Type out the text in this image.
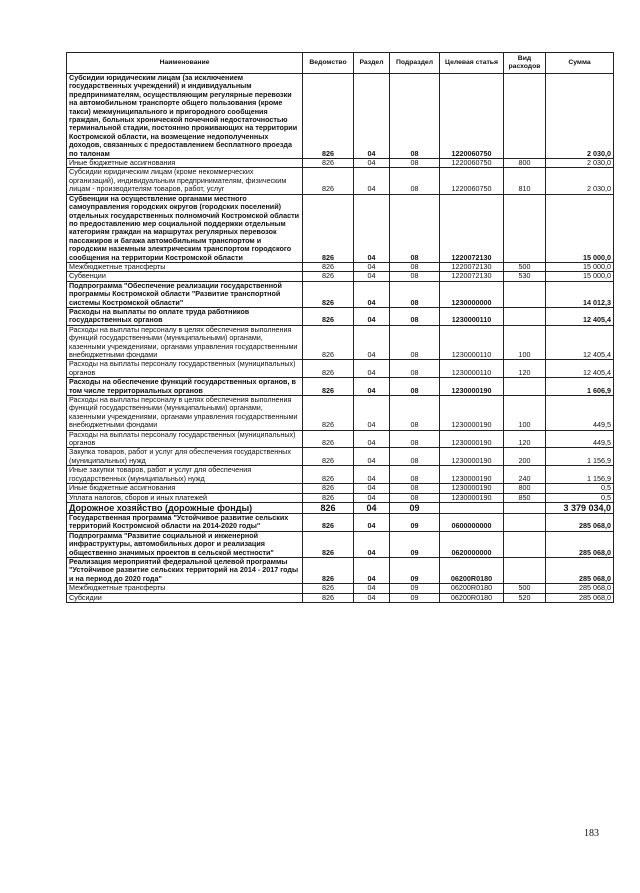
Наименование	Ведомство	Раздел	Подраздел	Целевая статья	Вид расходов	Сумма
Субсидии юридическим лицам (за исключением государственных учреждений) и индивидуальным предпринимателям, осуществляющим регулярные перевозки на автомобильном транспорте общего пользования (кроме такси) межмуниципального и пригородного сообщения граждан, больных хронической почечной недостаточностью терминальной стадии, постоянно проживающих на территории Костромской области, на возмещение недополученных доходов, связанных с предоставлением бесплатного проезда по талонам	826	04	08	1220060750		2 030,0
Иные бюджетные ассигнования	826	04	08	1220060750	800	2 030,0
Субсидии юридическим лицам (кроме некоммерческих организаций), индивидуальным предпринимателям, физическим лицам - производителям товаров, работ, услуг	826	04	08	1220060750	810	2 030,0
Субвенции на осуществление органами местного самоуправления городских округов (городских поселений) отдельных государственных полномочий Костромской области по предоставлению мер социальной поддержки отдельным категориям граждан на маршрутах регулярных перевозок пассажиров и багажа автомобильным транспортом и городским наземным электрическим транспортом городского сообщения на территории Костромской области	826	04	08	1220072130		15 000,0
Межбюджетные трансферты	826	04	08	1220072130	500	15 000,0
Субвенции	826	04	08	1220072130	530	15 000,0
Подпрограмма "Обеспечение реализации государственной программы Костромской области "Развитие транспортной системы Костромской области"	826	04	08	1230000000		14 012,3
Расходы на выплаты по оплате труда работников государственных органов	826	04	08	1230000110		12 405,4
Расходы на выплаты персоналу в целях обеспечения выполнения функций государственными (муниципальными) органами, казенными учреждениями, органами управления государственными внебюджетными фондами	826	04	08	1230000110	100	12 405,4
Расходы на выплаты персоналу государственных (муниципальных) органов	826	04	08	1230000110	120	12 405,4
Расходы на обеспечение функций государственных органов, в том числе территориальных органов	826	04	08	1230000190		1 606,9
Расходы на выплаты персоналу в целях обеспечения выполнения функций государственными (муниципальными) органами, казенными учреждениями, органами управления государственными внебюджетными фондами	826	04	08	1230000190	100	449,5
Расходы на выплаты персоналу государственных (муниципальных) органов	826	04	08	1230000190	120	449,5
Закупка товаров, работ и услуг для обеспечения государственных (муниципальных) нужд	826	04	08	1230000190	200	1 156,9
Иные закупки товаров, работ и услуг для обеспечения государственных (муниципальных) нужд	826	04	08	1230000190	240	1 156,9
Иные бюджетные ассигнования	826	04	08	1230000190	800	0,5
Уплата налогов, сборов и иных платежей	826	04	08	1230000190	850	0,5
Дорожное хозяйство (дорожные фонды)	826	04	09			3 379 034,0
Государственная программа "Устойчивое развитие сельских территорий Костромской области на 2014-2020 годы"	826	04	09	0600000000		285 068,0
Подпрограмма "Развитие социальной и инженерной инфраструктуры, автомобильных дорог и реализация общественно значимых проектов в сельской местности"	826	04	09	0620000000		285 068,0
Реализация мероприятий федеральной целевой программы "Устойчивое развитие сельских территорий на 2014 - 2017 годы и на период до 2020 года"	826	04	09	06200R0180		285 068,0
Межбюджетные трансферты	826	04	09	06200R0180	500	285 068,0
Субсидии	826	04	09	06200R0180	520	285 068,0
183
